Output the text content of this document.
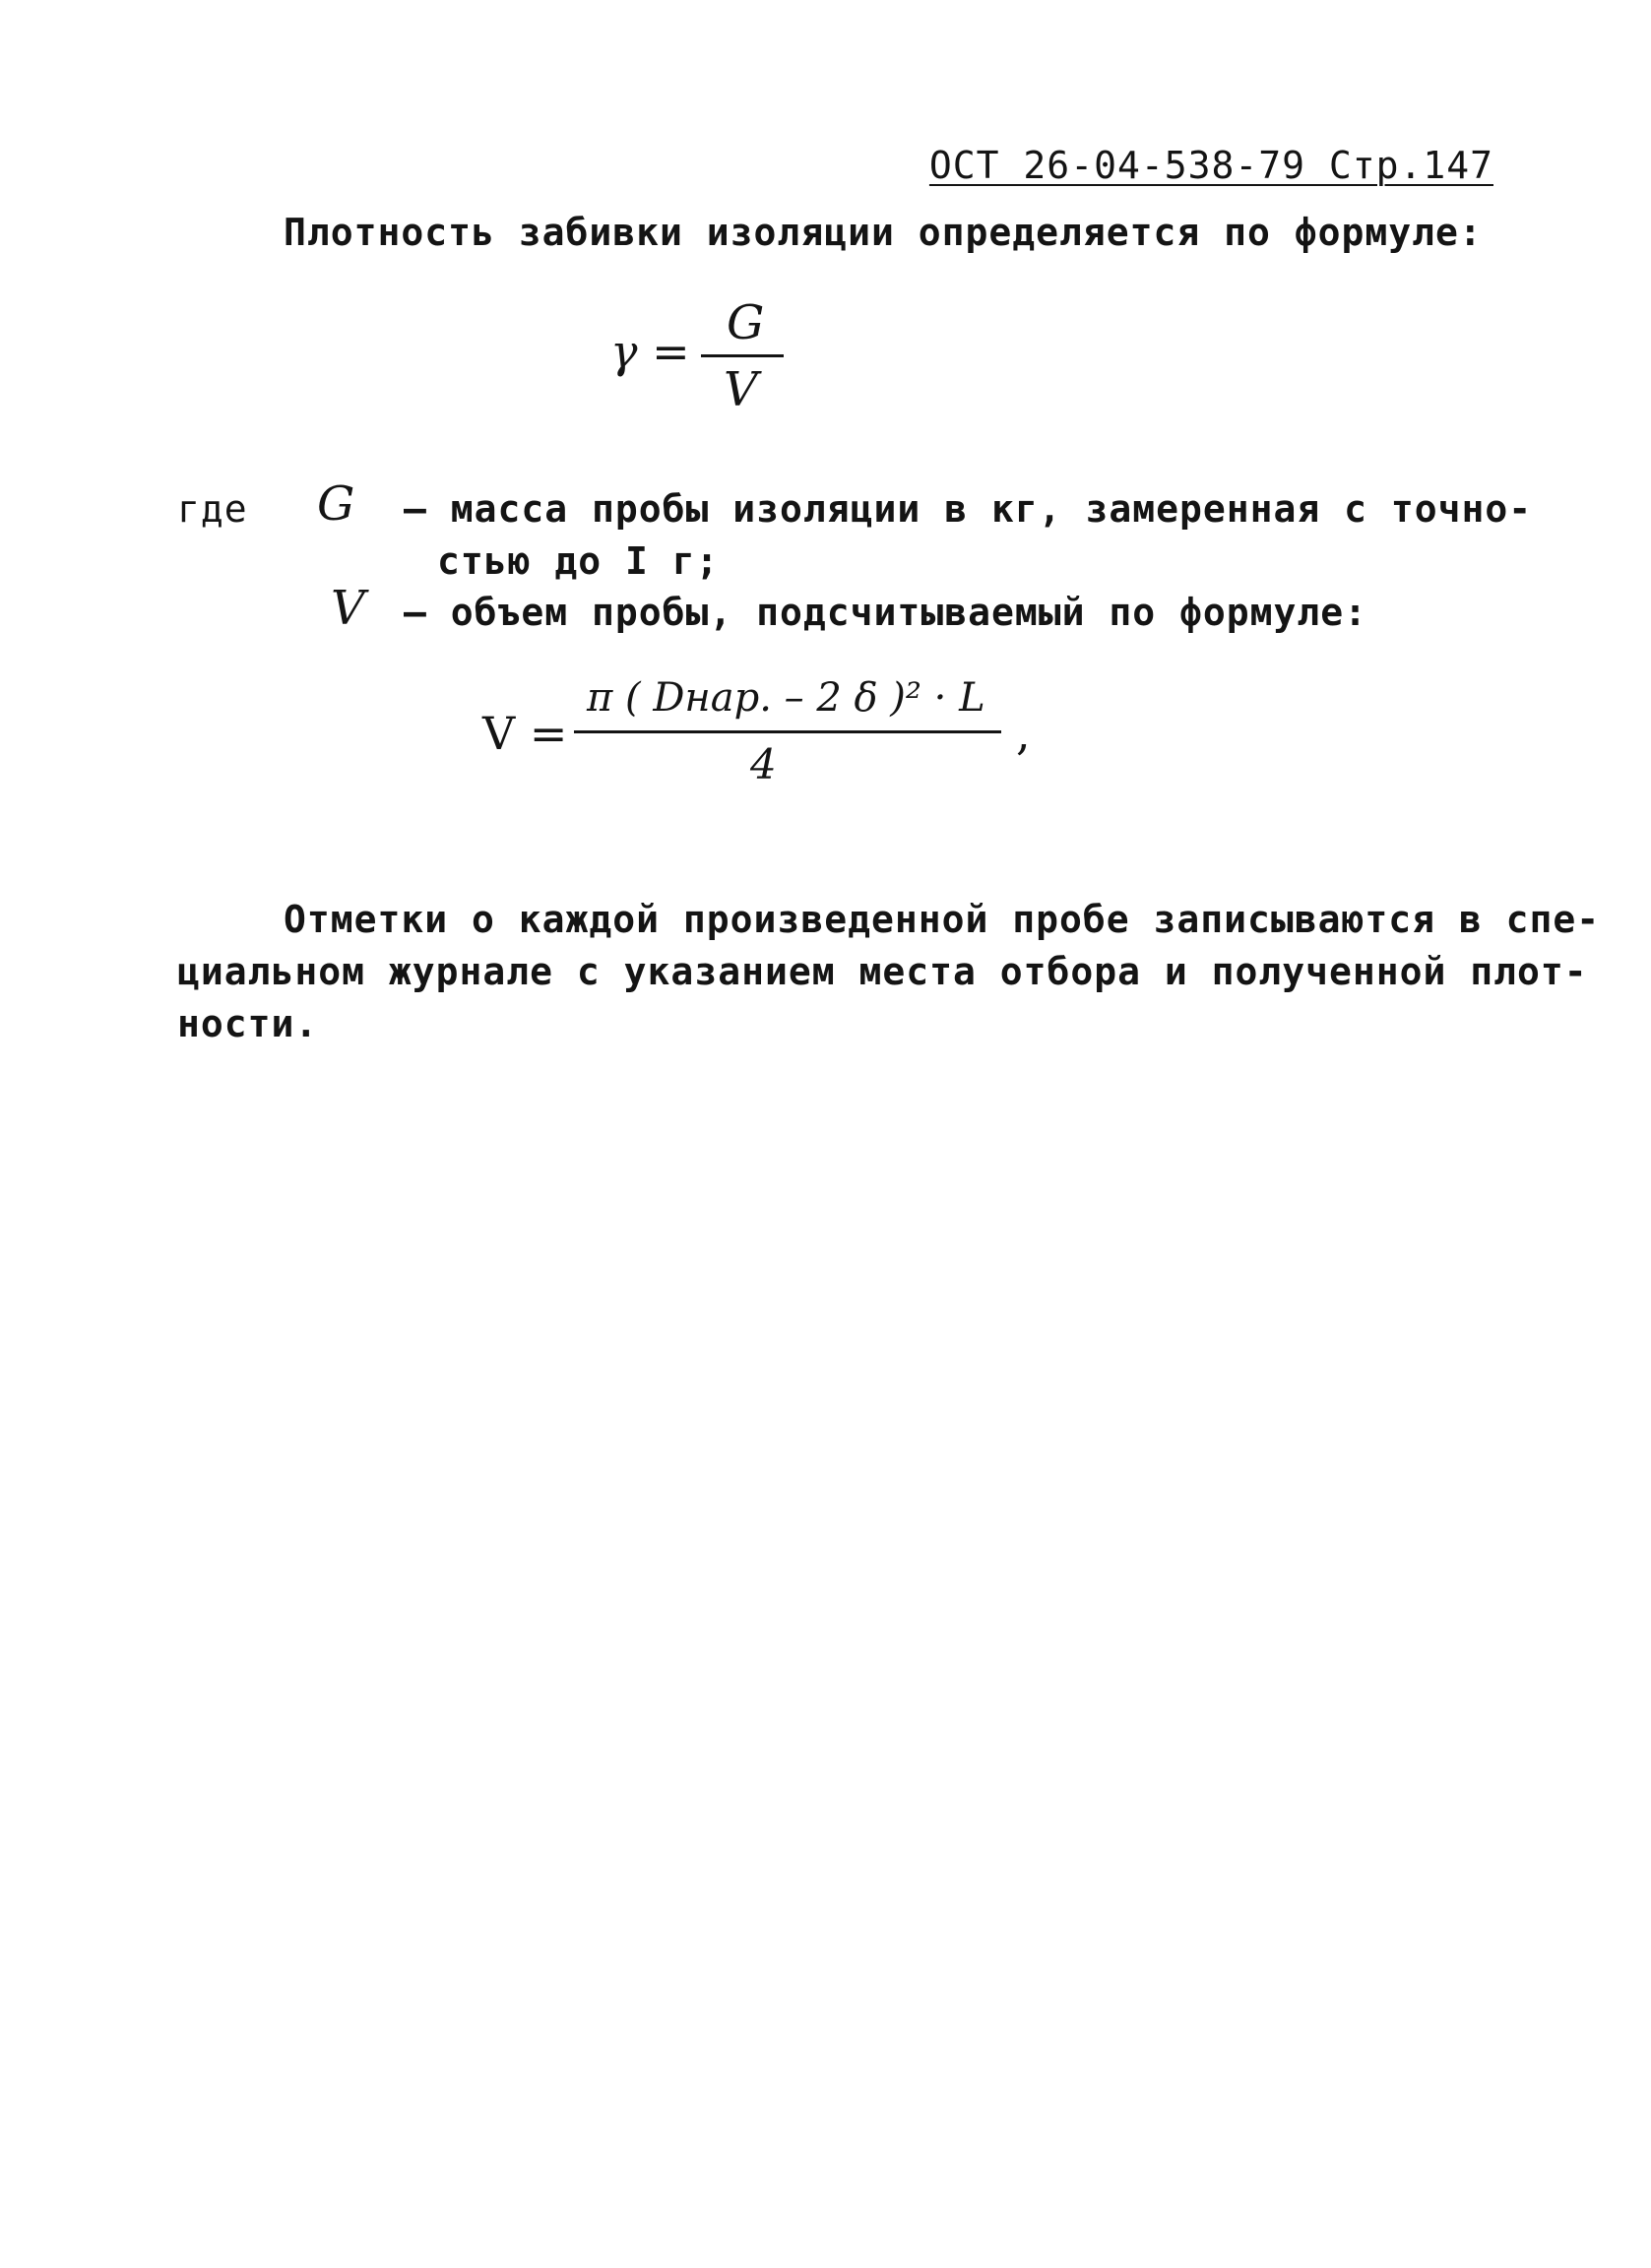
ОСТ 26-04-538-79 Стр.147
Плотность забивки изоляции определяется по формуле:
γ =
G
V
где G – масса пробы изоляции в кг, замеренная с точно-
стью до I г;
V – объем пробы, подсчитываемый по формуле:
V =
π ( Dнар. – 2 δ )² · L
4
,
Отметки о каждой произведенной пробе записываются в спе-
циальном журнале с указанием места отбора и полученной плот-
ности.
